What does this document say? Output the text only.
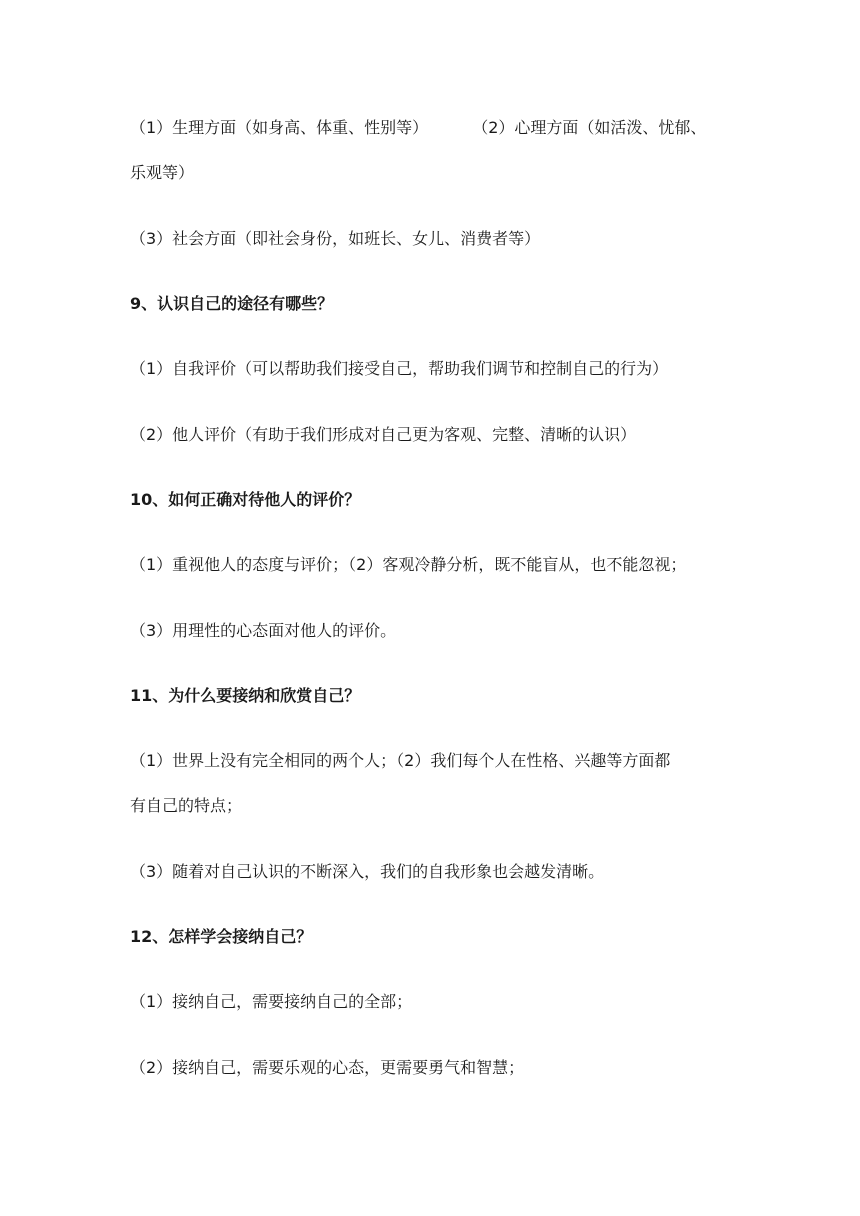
（1）生理方面（如身高、体重、性别等）	（2）心理方面（如活泼、忧郁、
乐观等）
（3）社会方面（即社会身份，如班长、女儿、消费者等）
9、认识自己的途径有哪些？
（1）自我评价（可以帮助我们接受自己，帮助我们调节和控制自己的行为）
（2）他人评价（有助于我们形成对自己更为客观、完整、清晰的认识）
10、如何正确对待他人的评价？
（1）重视他人的态度与评价；（2）客观冷静分析，既不能盲从，也不能忽视；
（3）用理性的心态面对他人的评价。
11、为什么要接纳和欣赏自己？
（1）世界上没有完全相同的两个人；（2）我们每个人在性格、兴趣等方面都
有自己的特点；
（3）随着对自己认识的不断深入，我们的自我形象也会越发清晰。
12、怎样学会接纳自己？
（1）接纳自己，需要接纳自己的全部；
（2）接纳自己，需要乐观的心态，更需要勇气和智慧；
